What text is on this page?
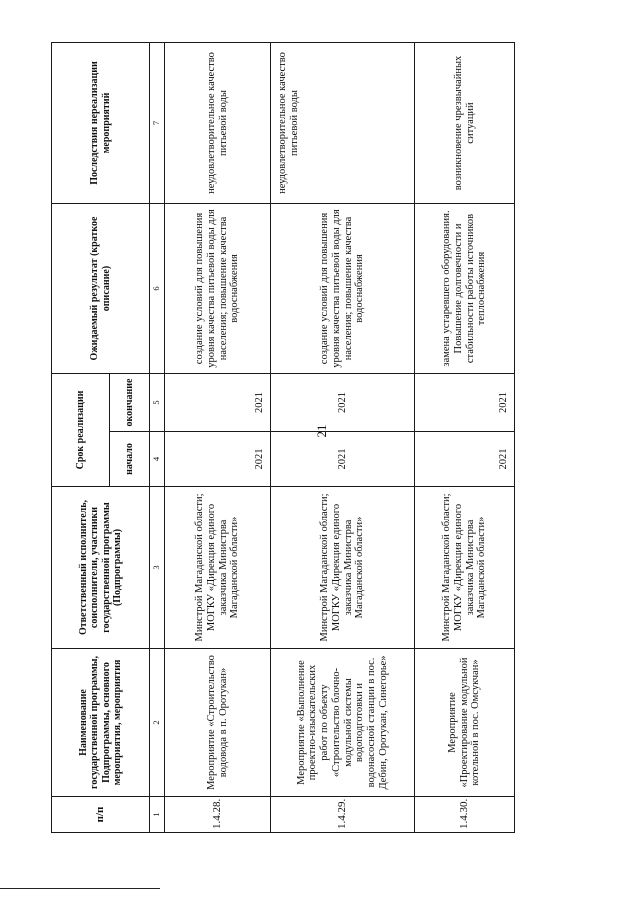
21
п/п	Наименование государственной программы, Подпрограммы, основного мероприятия, мероприятия	Ответственный исполнитель, соисполнители, участники государственной программы (Подпрограммы)	Срок реализации		Ожидаемый результат (краткое описание)	Последствия нереализации мероприятий
			начало	окончание		
1	2	3	4	5	6	7
1.4.28.	Мероприятие «Строительство водовода в п. Оротукан»	Минстрой Магаданской области; МОГКУ «Дирекция единого заказчика Министрва Магаданской области»	2021	2021	создание условий для повышения уровня качества питьевой воды для населения; повышение качества водоснабжения	неудовлетворительное качество питьевой воды
1.4.29.	Мероприятие «Выполнение проектно-изыскательских работ по объекту «Строительство блочно-модульной системы водоподготовки и водонасосной станции в пос. Дебин, Оротукан, Синегорье»	Минстрой Магаданской области; МОГКУ «Дирекция единого заказчика Министрва Магаданской области»	2021	2021	создание условий для повышения уровня качества питьевой воды для населения; повышение качества водоснабжения	неудовлетворительное качество питьевой воды
1.4.30.	Мероприятие «Проектирование модульной котельной в пос. Омсукчан»	Минстрой Магаданской области; МОГКУ «Дирекция единого заказчика Министрва Магаданской области»	2021	2021	замена устаревшего оборудования. Повышение долговечности и стабильности работы источников теплоснабжения	возникновение чрезвычайных ситуаций
